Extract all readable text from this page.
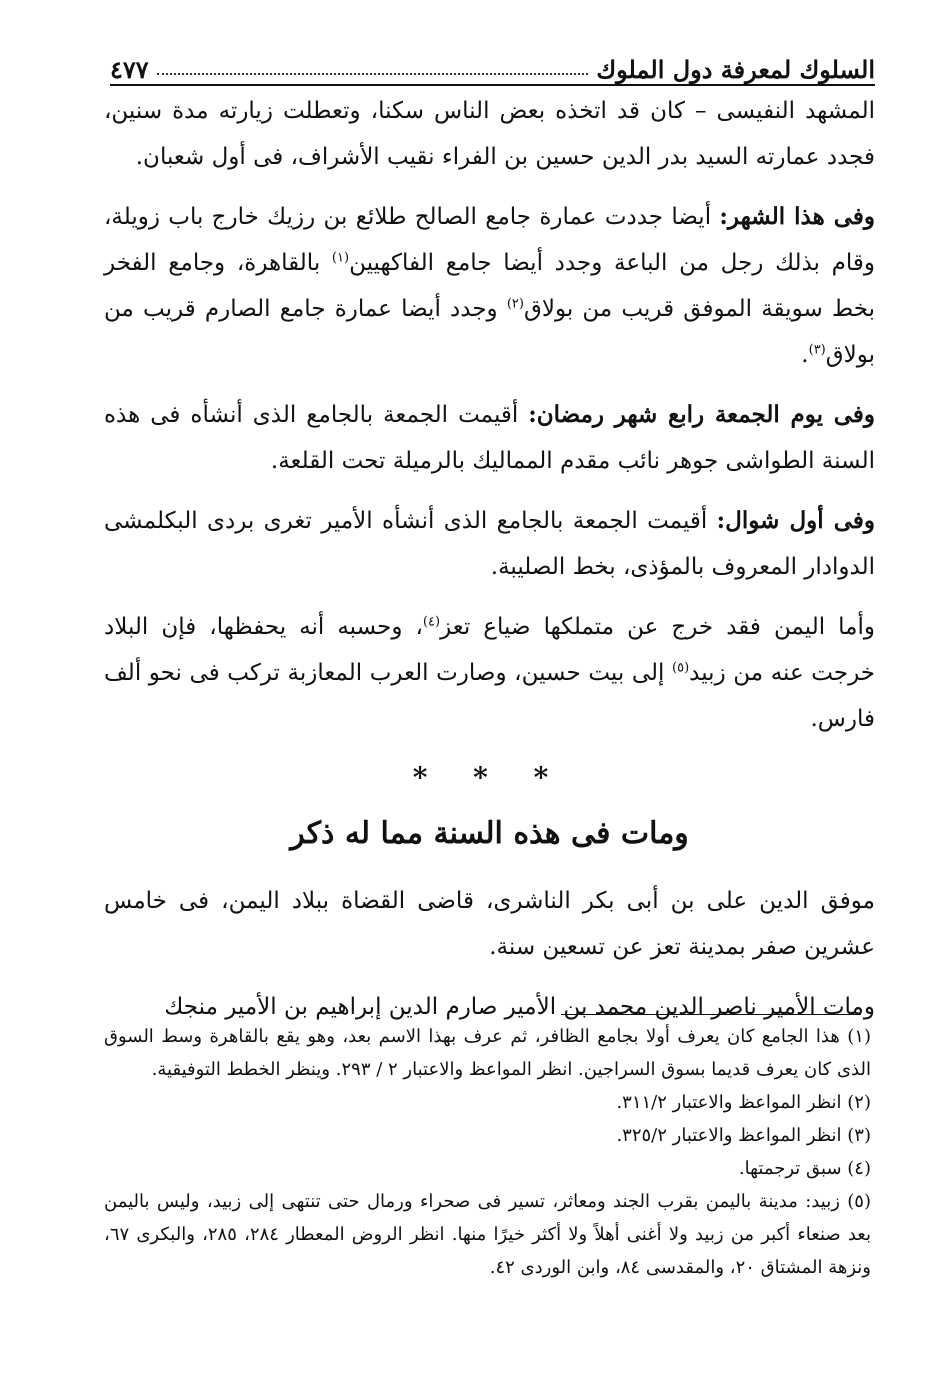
السلوك لمعرفة دول الملوك
٤٧٧

المشهد النفيسى – كان قد اتخذه بعض الناس سكنا، وتعطلت زيارته مدة سنين، فجدد عمارته السيد بدر الدين حسين بن الفراء نقيب الأشراف، فى أول شعبان.

وفى هذا الشهر: أيضا جددت عمارة جامع الصالح طلائع بن رزيك خارج باب زويلة، وقام بذلك رجل من الباعة وجدد أيضا جامع الفاكهيين$^{(١)}$ بالقاهرة، وجامع الفخر بخط سويقة الموفق قريب من بولاق$^{(٢)}$ وجدد أيضا عمارة جامع الصارم قريب من بولاق$^{(٣)}$.

وفى يوم الجمعة رابع شهر رمضان: أقيمت الجمعة بالجامع الذى أنشأه فى هذه السنة الطواشى جوهر نائب مقدم المماليك بالرميلة تحت القلعة.

وفى أول شوال: أقيمت الجمعة بالجامع الذى أنشأه الأمير تغرى بردى البكلمشى الدوادار المعروف بالمؤذى، بخط الصليبة.

وأما اليمن فقد خرج عن متملكها ضياع تعز$^{(٤)}$، وحسبه أنه يحفظها، فإن البلاد خرجت عنه من زبيد$^{(٥)}$ إلى بيت حسين، وصارت العرب المعازبة تركب فى نحو ألف فارس.

* * *
ومات فى هذه السنة مما له ذكر

موفق الدين على بن أبى بكر الناشرى، قاضى القضاة ببلاد اليمن، فى خامس عشرين صفر بمدينة تعز عن تسعين سنة.

ومات الأمير ناصر الدين محمد بن الأمير صارم الدين إبراهيم بن الأمير منجك

(١) هذا الجامع كان يعرف أولا بجامع الظافر، ثم عرف بهذا الاسم بعد، وهو يقع بالقاهرة وسط السوق الذى كان يعرف قديما بسوق السراجين. انظر المواعظ والاعتبار ٢ / ٢٩٣. وينظر الخطط التوفيقية.

(٢) انظر المواعظ والاعتبار ٣١١/٢.

(٣) انظر المواعظ والاعتبار ٣٢٥/٢.

(٤) سبق ترجمتها.

(٥) زبيد: مدينة باليمن بقرب الجند ومعاثر، تسير فى صحراء ورمال حتى تنتهى إلى زبيد، وليس باليمن بعد صنعاء أكبر من زبيد ولا أغنى أهلاً ولا أكثر خيرًا منها. انظر الروض المعطار ٢٨٤، ٢٨٥، والبكرى ٦٧، ونزهة المشتاق ٢٠، والمقدسى ٨٤، وابن الوردى ٤٢.
